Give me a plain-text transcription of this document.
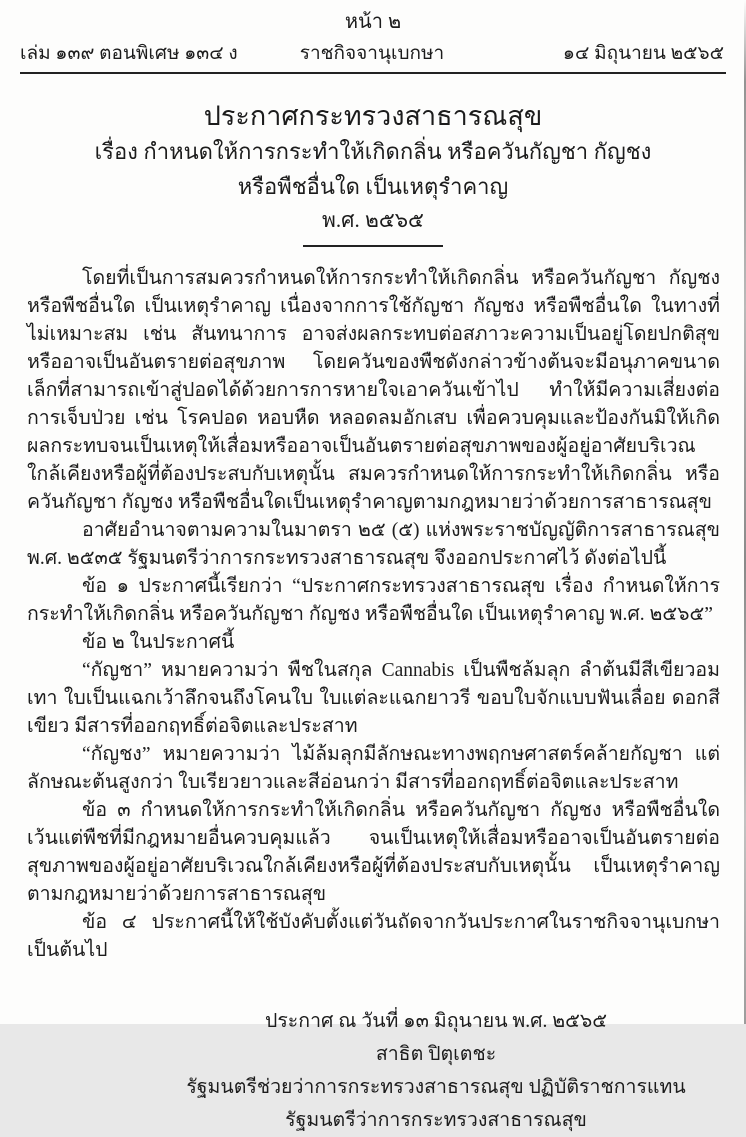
หน้า ๒
เล่ม ๑๓๙ ตอนพิเศษ ๑๓๔ ง	ราชกิจจานุเบกษา	๑๔ มิถุนายน ๒๕๖๕
ประกาศกระทรวงสาธารณสุข
เรื่อง กำหนดให้การกระทำให้เกิดกลิ่น หรือควันกัญชา กัญชง
หรือพืชอื่นใด เป็นเหตุรำคาญ
พ.ศ. ๒๕๖๕

โดยที่เป็นการสมควรกำหนดให้การกระทำให้เกิดกลิ่น หรือควันกัญชา กัญชง หรือพืชอื่นใด เป็นเหตุรำคาญ เนื่องจากการใช้กัญชา กัญชง หรือพืชอื่นใด ในทางที่ไม่เหมาะสม เช่น สันทนาการ อาจส่งผลกระทบต่อสภาวะความเป็นอยู่โดยปกติสุขหรืออาจเป็นอันตรายต่อสุขภาพ โดยควันของพืชดังกล่าวข้างต้นจะมีอนุภาคขนาดเล็กที่สามารถเข้าสู่ปอดได้ด้วยการการหายใจเอาควันเข้าไป ทำให้มีความเสี่ยงต่อการเจ็บป่วย เช่น โรคปอด หอบหืด หลอดลมอักเสบ เพื่อควบคุมและป้องกันมิให้เกิดผลกระทบจนเป็นเหตุให้เสื่อมหรืออาจเป็นอันตรายต่อสุขภาพของผู้อยู่อาศัยบริเวณใกล้เคียงหรือผู้ที่ต้องประสบกับเหตุนั้น สมควรกำหนดให้การกระทำให้เกิดกลิ่น หรือควันกัญชา กัญชง หรือพืชอื่นใดเป็นเหตุรำคาญตามกฎหมายว่าด้วยการสาธารณสุข

อาศัยอำนาจตามความในมาตรา ๒๕ (๕) แห่งพระราชบัญญัติการสาธารณสุข พ.ศ. ๒๕๓๕ รัฐมนตรีว่าการกระทรวงสาธารณสุข จึงออกประกาศไว้ ดังต่อไปนี้

ข้อ ๑ ประกาศนี้เรียกว่า “ประกาศกระทรวงสาธารณสุข เรื่อง กำหนดให้การกระทำให้เกิดกลิ่น หรือควันกัญชา กัญชง หรือพืชอื่นใด เป็นเหตุรำคาญ พ.ศ. ๒๕๖๕”

ข้อ ๒ ในประกาศนี้

“กัญชา” หมายความว่า พืชในสกุล Cannabis เป็นพืชล้มลุก ลำต้นมีสีเขียวอมเทา ใบเป็นแฉกเว้าลึกจนถึงโคนใบ ใบแต่ละแฉกยาวรี ขอบใบจักแบบฟันเลื่อย ดอกสีเขียว มีสารที่ออกฤทธิ์ต่อจิตและประสาท

“กัญชง” หมายความว่า ไม้ล้มลุกมีลักษณะทางพฤกษศาสตร์คล้ายกัญชา แต่ลักษณะต้นสูงกว่า ใบเรียวยาวและสีอ่อนกว่า มีสารที่ออกฤทธิ์ต่อจิตและประสาท

ข้อ ๓ กำหนดให้การกระทำให้เกิดกลิ่น หรือควันกัญชา กัญชง หรือพืชอื่นใด เว้นแต่พืชที่มีกฎหมายอื่นควบคุมแล้ว จนเป็นเหตุให้เสื่อมหรืออาจเป็นอันตรายต่อสุขภาพของผู้อยู่อาศัยบริเวณใกล้เคียงหรือผู้ที่ต้องประสบกับเหตุนั้น เป็นเหตุรำคาญ ตามกฎหมายว่าด้วยการสาธารณสุข

ข้อ ๔ ประกาศนี้ให้ใช้บังคับตั้งแต่วันถัดจากวันประกาศในราชกิจจานุเบกษาเป็นต้นไป

ประกาศ ณ วันที่ ๑๓ มิถุนายน พ.ศ. ๒๕๖๕
สาธิต ปิตุเตชะ
รัฐมนตรีช่วยว่าการกระทรวงสาธารณสุข ปฏิบัติราชการแทน
รัฐมนตรีว่าการกระทรวงสาธารณสุข
